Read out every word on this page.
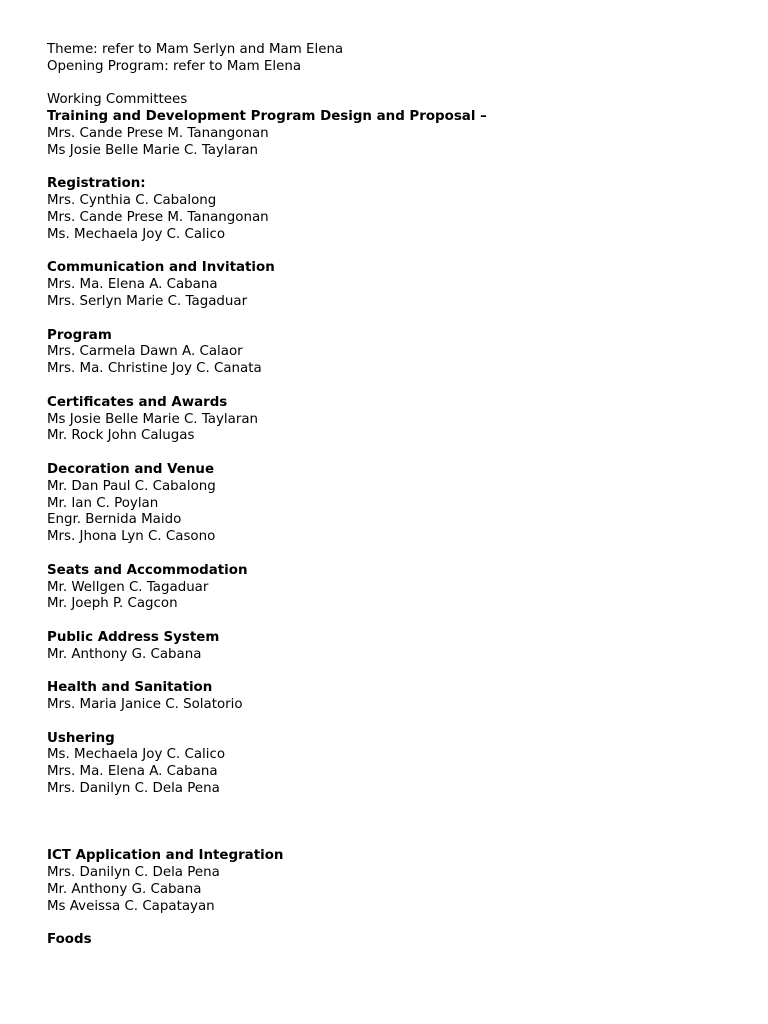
Theme: refer to Mam Serlyn and Mam Elena
Opening Program: refer to Mam Elena
Working Committees
Training and Development Program Design and Proposal –
Mrs. Cande Prese M. Tanangonan
Ms Josie Belle Marie C. Taylaran
Registration:
Mrs. Cynthia C. Cabalong
Mrs. Cande Prese M. Tanangonan
Ms. Mechaela Joy C. Calico
Communication and Invitation
Mrs. Ma. Elena A. Cabana
Mrs. Serlyn Marie C. Tagaduar
Program
Mrs. Carmela Dawn A. Calaor
Mrs. Ma. Christine Joy C. Canata
Certificates and Awards
Ms Josie Belle Marie C. Taylaran
Mr. Rock John Calugas
Decoration and Venue
Mr. Dan Paul C. Cabalong
Mr. Ian C. Poylan
Engr. Bernida Maido
Mrs. Jhona Lyn C. Casono
Seats and Accommodation
Mr. Wellgen C. Tagaduar
Mr. Joeph P. Cagcon
Public Address System
Mr. Anthony G. Cabana
Health and Sanitation
Mrs. Maria Janice C. Solatorio
Ushering
Ms. Mechaela Joy C. Calico
Mrs. Ma. Elena A. Cabana
Mrs. Danilyn C. Dela Pena
ICT Application and Integration
Mrs. Danilyn C. Dela Pena
Mr. Anthony G. Cabana
Ms Aveissa C. Capatayan
Foods
